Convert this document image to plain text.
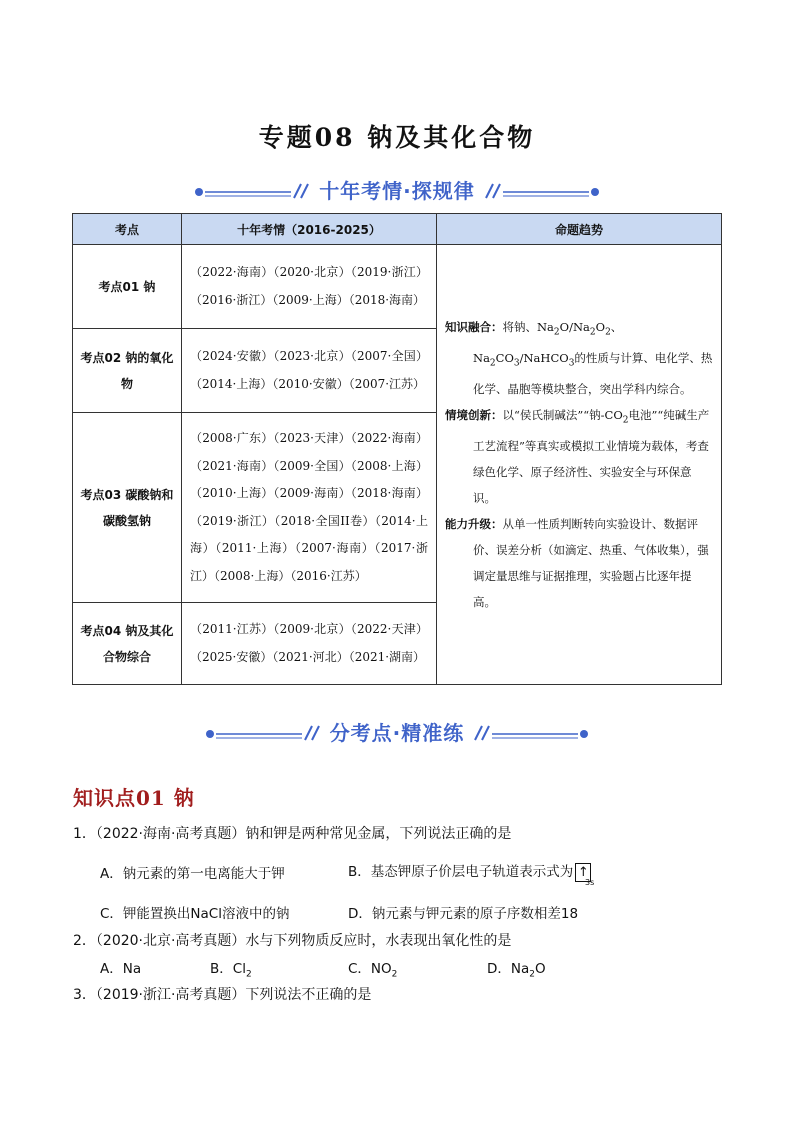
专题08 钠及其化合物
十年考情·探规律
考点	十年考情（2016-2025）	命题趋势
考点01 钠	（2022·海南）（2020·北京）（2019·浙江）（2016·浙江）（2009·上海）（2018·海南）	知识融合：将钠、$Na_2O/Na_2O_2$、$Na_2CO_3/NaHCO_3$的性质与计算、电化学、热化学、晶胞等模块整合，突出学科内综合。

情境创新：以“侯氏制碱法”“钠$-CO_2$电池”“纯碱生产工艺流程”等真实或模拟工业情境为载体，考查绿色化学、原子经济性、实验安全与环保意识。

能力升级：从单一性质判断转向实验设计、数据评价、误差分析（如滴定、热重、气体收集），强调定量思维与证据推理，实验题占比逐年提高。

考点02 钠的氧化物	（2024·安徽）（2023·北京）（2007·全国）（2014·上海）（2010·安徽）（2007·江苏）	
考点03 碳酸钠和碳酸氢钠	（2008·广东）（2023·天津）（2022·海南）（2021·海南）（2009·全国）（2008·上海）（2010·上海）（2009·海南）（2018·海南）（2019·浙江）（2018·全国II卷）（2014·上海）（2011·上海）（2007·海南）（2017·浙江）（2008·上海）（2016·江苏）	
考点04 钠及其化合物综合	（2011·江苏）（2009·北京）（2022·天津）（2025·安徽）（2021·河北）（2021·湖南）	
分考点·精准练
知识点01 钠
1．（2022·海南·高考真题）钠和钾是两种常见金属，下列说法正确的是
A．钠元素的第一电离能大于钾	B．基态钾原子价层电子轨道表示式为 ↑
3s
C．钾能置换出NaCl溶液中的钠	D．钠元素与钾元素的原子序数相差18
2．（2020·北京·高考真题）水与下列物质反应时，水表现出氧化性的是
A．Na	B．$Cl_2$	C．$NO_2$	D．$Na_2O$
3．（2019·浙江·高考真题）下列说法不正确的是
